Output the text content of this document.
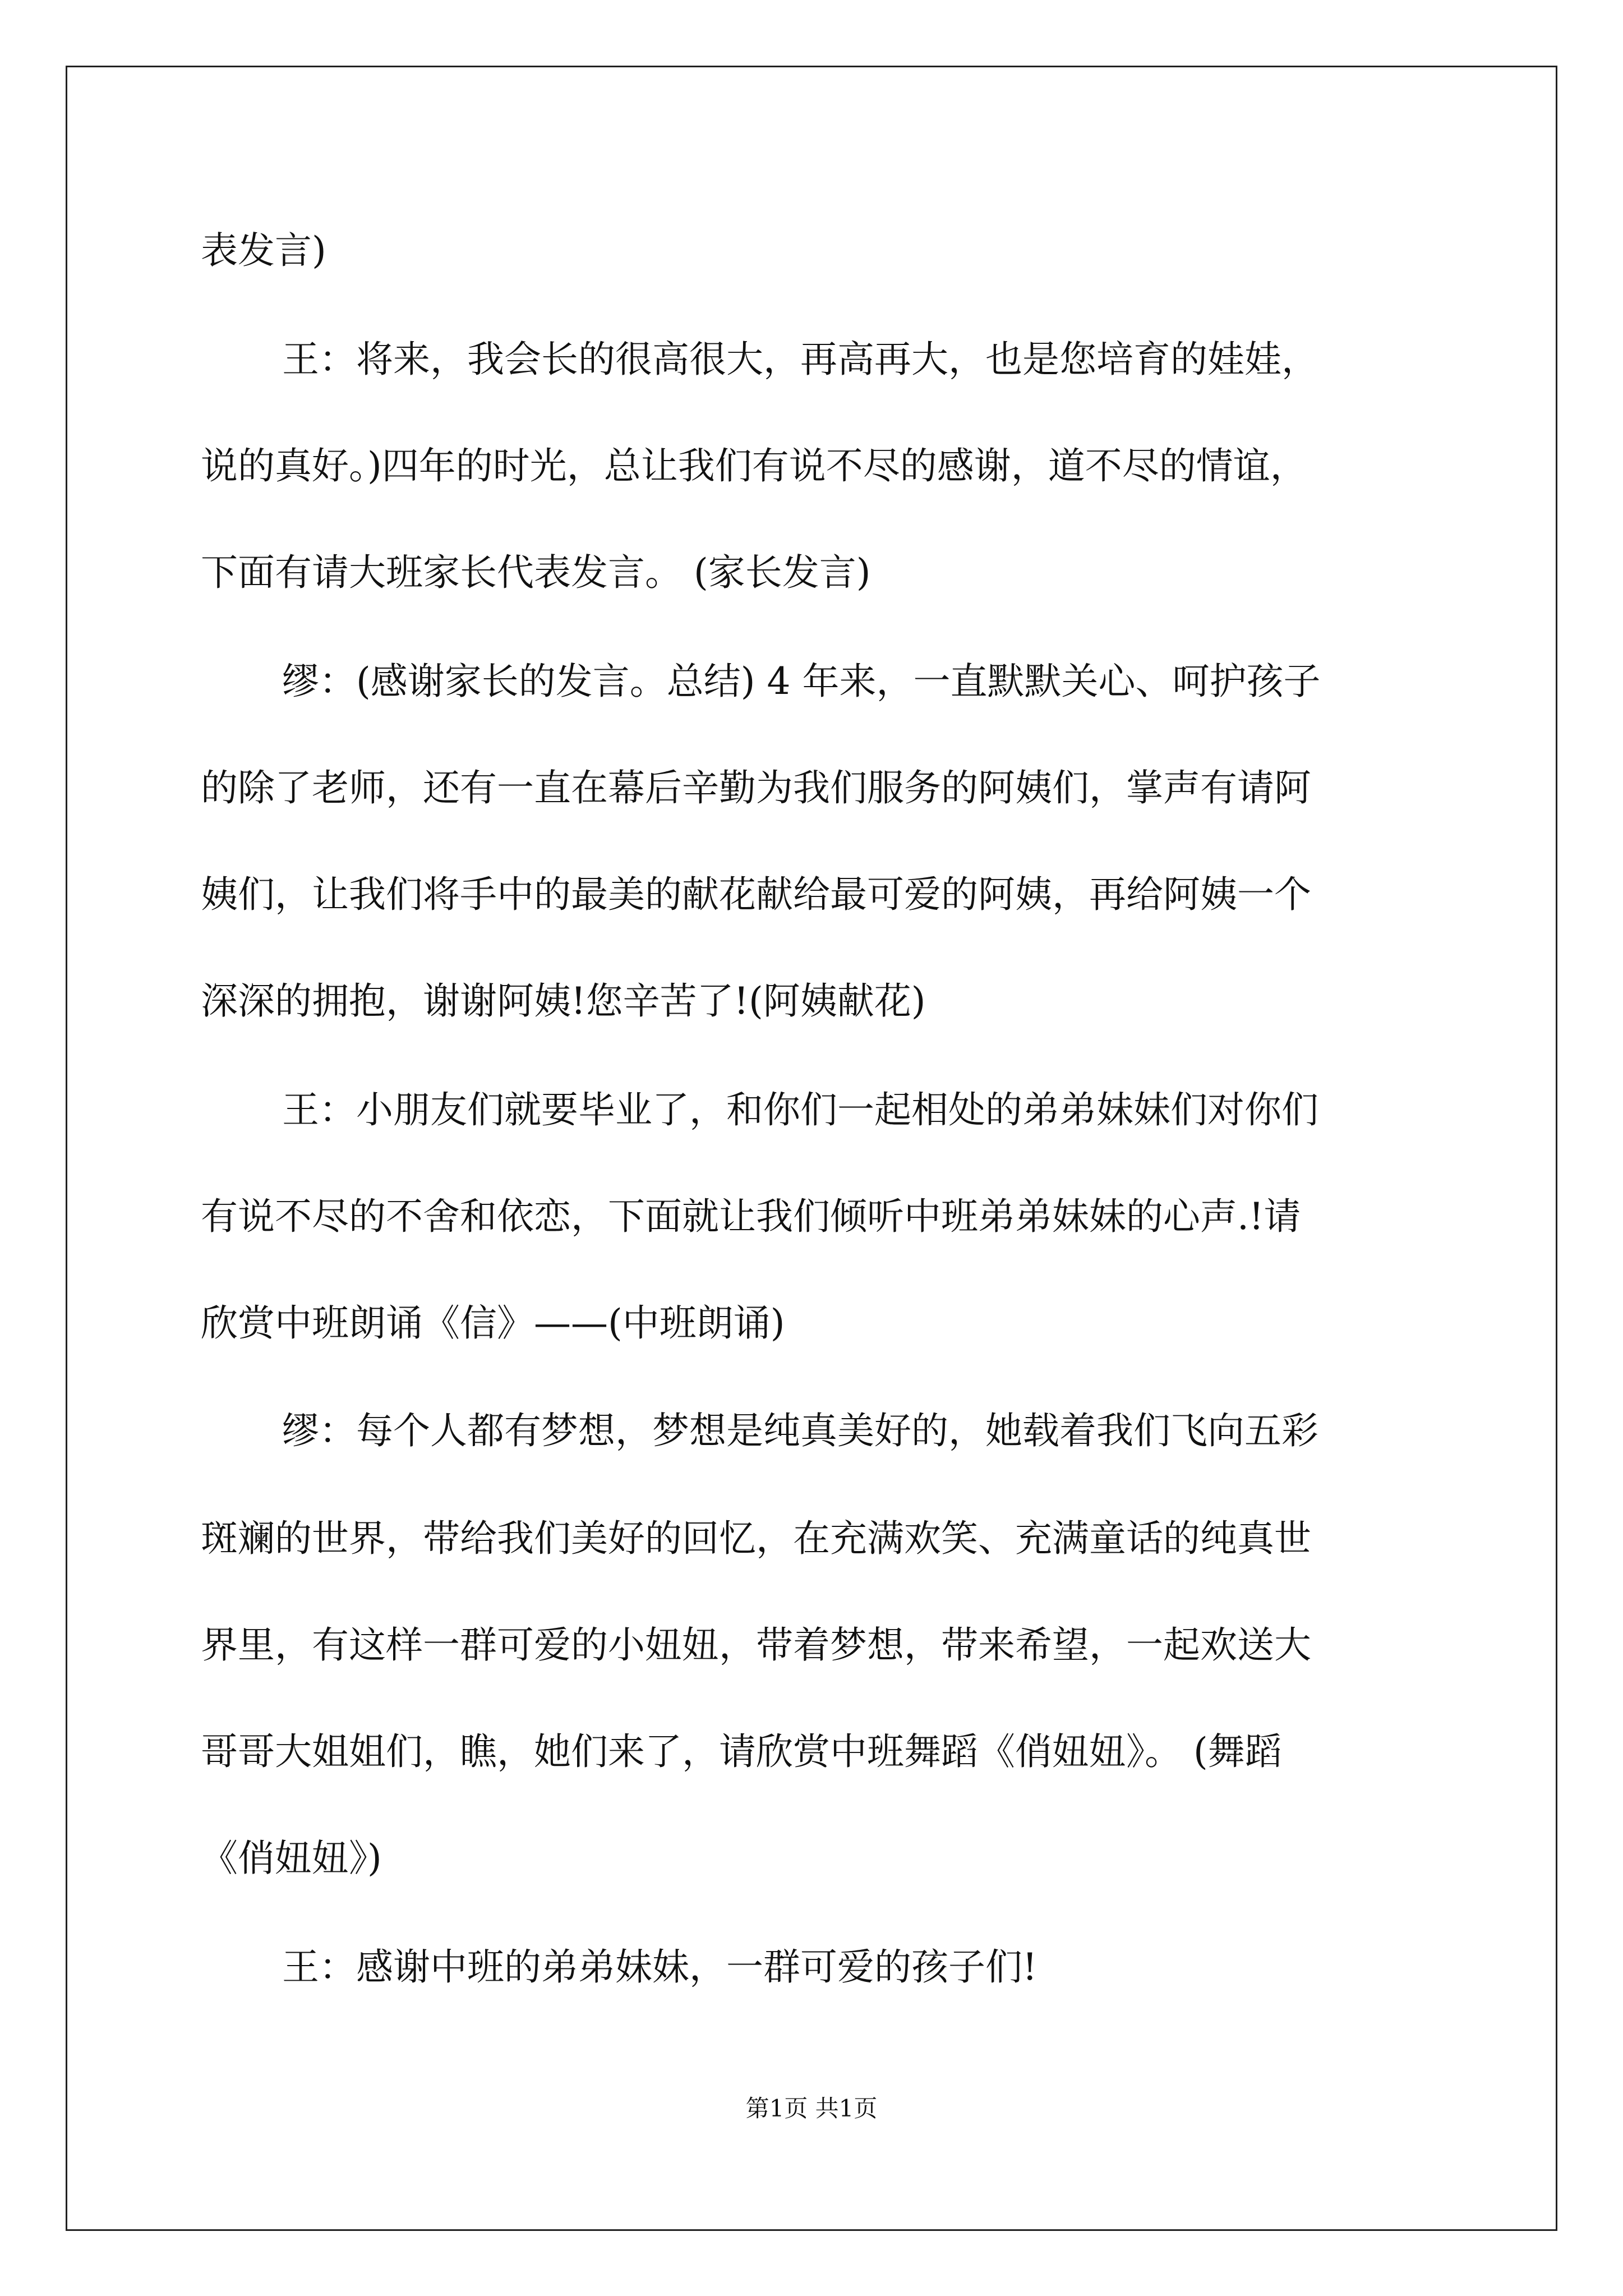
表发言)
王：将来，我会长的很高很大，再高再大，也是您培育的娃娃，
说的真好。)四年的时光，总让我们有说不尽的感谢，道不尽的情谊，
下面有请大班家长代表发言。 (家长发言)
缪：(感谢家长的发言。总结) 4 年来，一直默默关心、呵护孩子
的除了老师，还有一直在幕后辛勤为我们服务的阿姨们，掌声有请阿
姨们，让我们将手中的最美的献花献给最可爱的阿姨，再给阿姨一个
深深的拥抱，谢谢阿姨!您辛苦了!(阿姨献花)
王：小朋友们就要毕业了，和你们一起相处的弟弟妹妹们对你们
有说不尽的不舍和依恋，下面就让我们倾听中班弟弟妹妹的心声.!请
欣赏中班朗诵《信》——(中班朗诵)
缪：每个人都有梦想，梦想是纯真美好的，她载着我们飞向五彩
斑斓的世界，带给我们美好的回忆，在充满欢笑、充满童话的纯真世
界里，有这样一群可爱的小妞妞，带着梦想，带来希望，一起欢送大
哥哥大姐姐们，瞧，她们来了，请欣赏中班舞蹈《俏妞妞》。 (舞蹈
《俏妞妞》)
王：感谢中班的弟弟妹妹，一群可爱的孩子们!
第1页 共1页
